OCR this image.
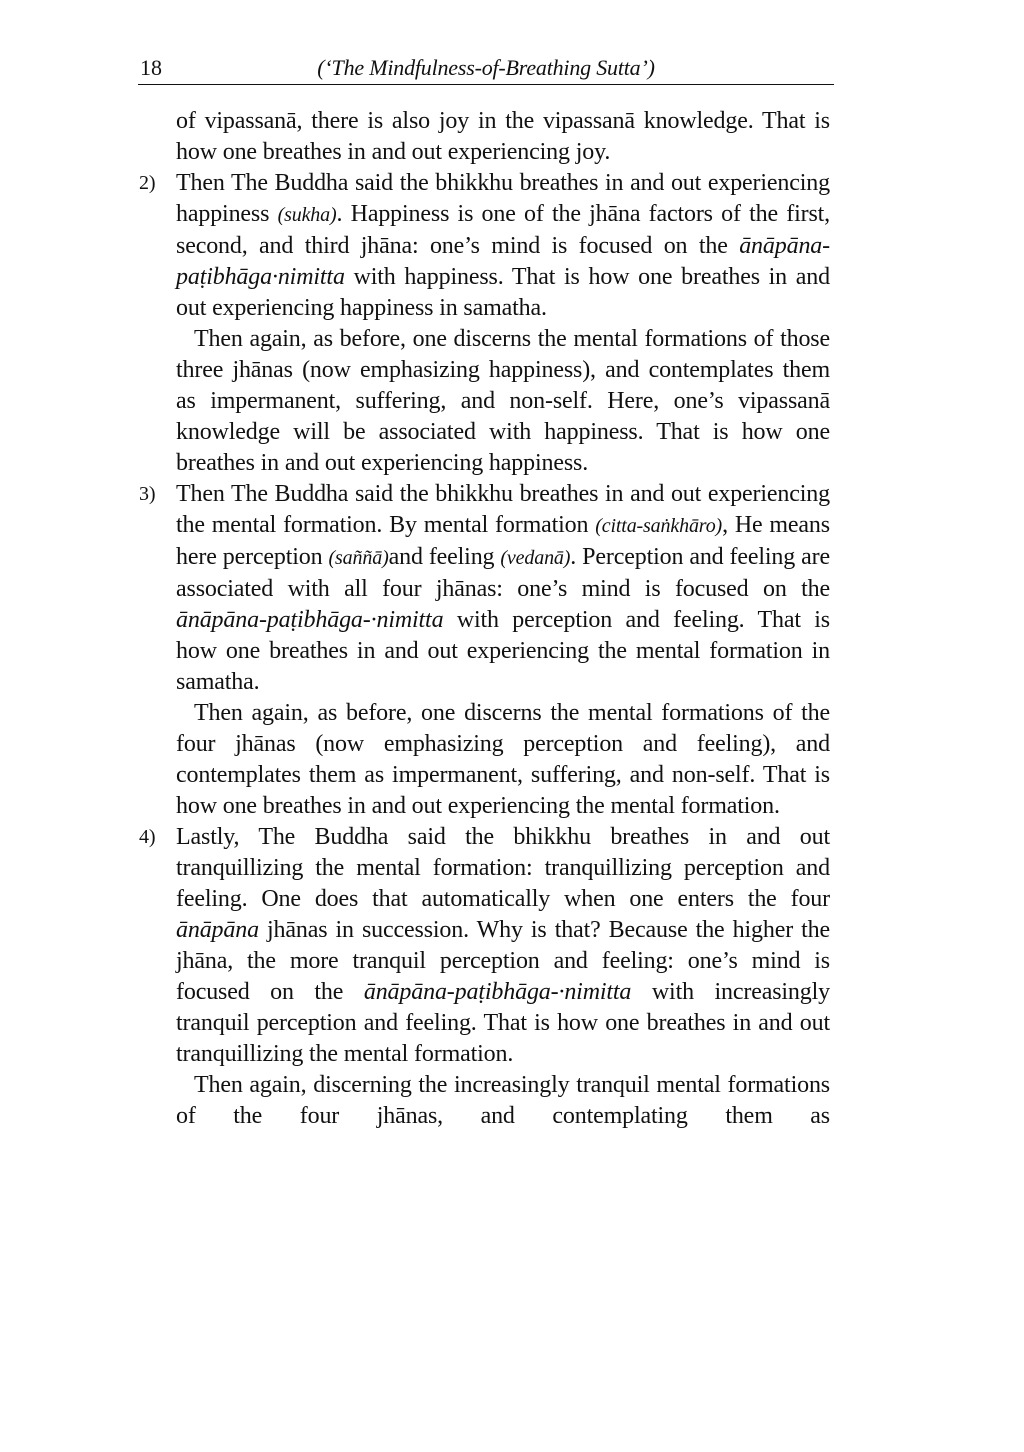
18	(‘The Mindfulness-of-Breathing Sutta’)

of vipassanā, there is also joy in the vipassanā knowledge. That is how one breathes in and out experiencing joy.

2) Then The Buddha said the bhikkhu breathes in and out experiencing happiness (sukha). Happiness is one of the jhāna factors of the first, second, and third jhāna: one’s mind is focused on the ānāpāna-paṭibhāga·nimitta with happiness. That is how one breathes in and out experiencing happiness in samatha.

Then again, as before, one discerns the mental formations of those three jhānas (now emphasizing happiness), and contemplates them as impermanent, suffering, and non-self. Here, one’s vipassanā knowledge will be associated with happiness. That is how one breathes in and out experiencing happiness.

3) Then The Buddha said the bhikkhu breathes in and out experiencing the mental formation. By mental formation (citta-saṅkhāro), He means here perception (saññā)and feeling (vedanā). Perception and feeling are associated with all four jhānas: one’s mind is focused on the ānāpāna-paṭibhāga-·nimitta with perception and feeling. That is how one breathes in and out experiencing the mental formation in samatha.

Then again, as before, one discerns the mental formations of the four jhānas (now emphasizing perception and feeling), and contemplates them as impermanent, suffering, and non-self. That is how one breathes in and out experiencing the mental formation.

4) Lastly, The Buddha said the bhikkhu breathes in and out tranquillizing the mental formation: tranquillizing perception and feeling. One does that automatically when one enters the four ānāpāna jhānas in succession. Why is that? Because the higher the jhāna, the more tranquil perception and feeling: one’s mind is focused on the ānāpāna-paṭibhāga-·nimitta with increasingly tranquil perception and feeling. That is how one breathes in and out tranquillizing the mental formation.

Then again, discerning the increasingly tranquil mental formations of the four jhānas, and contemplating them as
